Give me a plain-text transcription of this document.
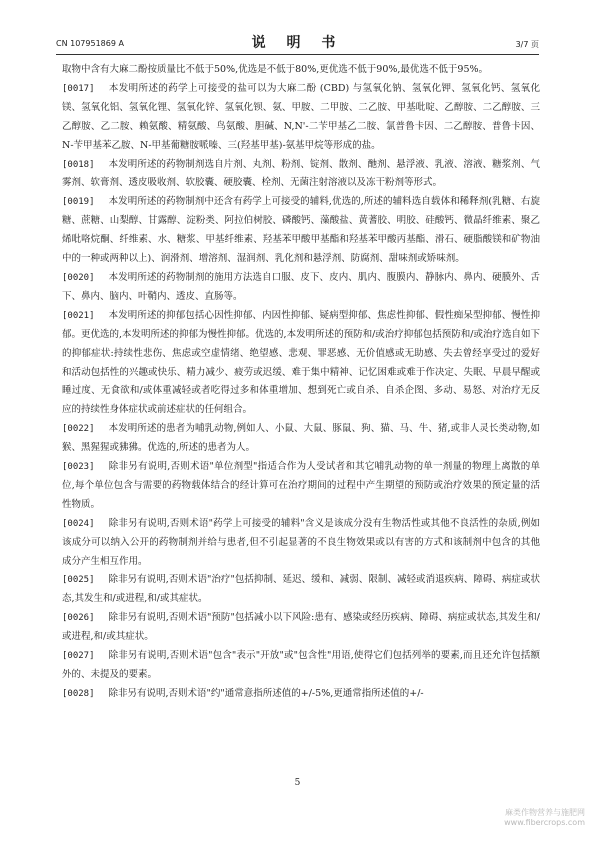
CN 107951869 A	说 明 书	3/7 页

取物中含有大麻二酚按质量比不低于50%,优选是不低于80%,更优选不低于90%,最优选不低于95%。

[0017] 本发明所述的药学上可接受的盐可以为大麻二酚 (CBD) 与氢氧化钠、氢氧化钾、氢氧化钙、氢氧化镁、氢氧化铝、氢氧化锂、氢氧化锌、氢氧化钡、氨、甲胺、二甲胺、二乙胺、甲基吡啶、乙醇胺、二乙醇胺、三乙醇胺、乙二胺、赖氨酸、精氨酸、鸟氨酸、胆碱、N,N'-二苄甲基乙二胺、氯普鲁卡因、二乙醇胺、普鲁卡因、N-苄甲基苯乙胺、N-甲基葡糖胺哌嗪、三(羟基甲基)-氨基甲烷等形成的盐。

[0018] 本发明所述的药物制剂选自片剂、丸剂、粉剂、锭剂、散剂、酏剂、悬浮液、乳液、溶液、糖浆剂、气雾剂、软膏剂、透皮吸收剂、软胶囊、硬胶囊、栓剂、无菌注射溶液以及冻干粉剂等形式。

[0019] 本发明所述的药物制剂中还含有药学上可接受的辅料,优选的,所述的辅料选自载体和稀释剂(乳糖、右旋糖、蔗糖、山梨醇、甘露醇、淀粉类、阿拉伯树胶、磷酸钙、藻酸盐、黄蓍胶、明胶、硅酸钙、微晶纤维素、聚乙烯吡咯烷酮、纤维素、水、糖浆、甲基纤维素、羟基苯甲酸甲基酯和羟基苯甲酸丙基酯、滑石、硬脂酸镁和矿物油中的一种或两种以上)、润滑剂、增溶剂、湿润剂、乳化剂和悬浮剂、防腐剂、甜味剂或矫味剂。

[0020] 本发明所述的药物制剂的施用方法选自口服、皮下、皮内、肌内、腹膜内、静脉内、鼻内、硬膜外、舌下、鼻内、脑内、叶鞘内、透皮、直肠等。

[0021] 本发明所述的抑郁包括心因性抑郁、内因性抑郁、疑病型抑郁、焦虑性抑郁、假性痴呆型抑郁、慢性抑郁。更优选的,本发明所述的抑郁为慢性抑郁。优选的,本发明所述的预防和/或治疗抑郁包括预防和/或治疗选自如下的抑郁症状:持续性悲伤、焦虑或空虚情绪、绝望感、悲观、罪恶感、无价值感或无助感、失去曾经享受过的爱好和活动包括性的兴趣或快乐、精力减少、疲劳或迟缓、难于集中精神、记忆困难或难于作决定、失眠、早晨早醒或睡过度、无食欲和/或体重减轻或者吃得过多和体重增加、想到死亡或自杀、自杀企图、多动、易怒、对治疗无反应的持续性身体症状或前述症状的任何组合。

[0022] 本发明所述的患者为哺乳动物,例如人、小鼠、大鼠、豚鼠、狗、猫、马、牛、猪,或非人灵长类动物,如猴、黑猩猩或狒狒。优选的,所述的患者为人。

[0023] 除非另有说明,否则术语"单位剂型"指适合作为人受试者和其它哺乳动物的单一剂量的物理上离散的单位,每个单位包含与需要的药物载体结合的经计算可在治疗期间的过程中产生期望的预防或治疗效果的预定量的活性物质。

[0024] 除非另有说明,否则术语"药学上可接受的辅料"含义是该成分没有生物活性或其他不良活性的杂质,例如该成分可以纳入公开的药物制剂并给与患者,但不引起显著的不良生物效果或以有害的方式和该制剂中包含的其他成分产生相互作用。

[0025] 除非另有说明,否则术语"治疗"包括抑制、延迟、缓和、减弱、限制、减轻或消退疾病、障碍、病症或状态,其发生和/或进程,和/或其症状。

[0026] 除非另有说明,否则术语"预防"包括减小以下风险:患有、感染或经历疾病、障碍、病症或状态,其发生和/或进程,和/或其症状。

[0027] 除非另有说明,否则术语"包含"表示"开放"或"包含性"用语,使得它们包括列举的要素,而且还允许包括额外的、未提及的要素。

[0028] 除非另有说明,否则术语"约"通常意指所述值的+/-5%,更通常指所述值的+/-

5
麻类作物营养与施肥网
www.fibercrops.com
